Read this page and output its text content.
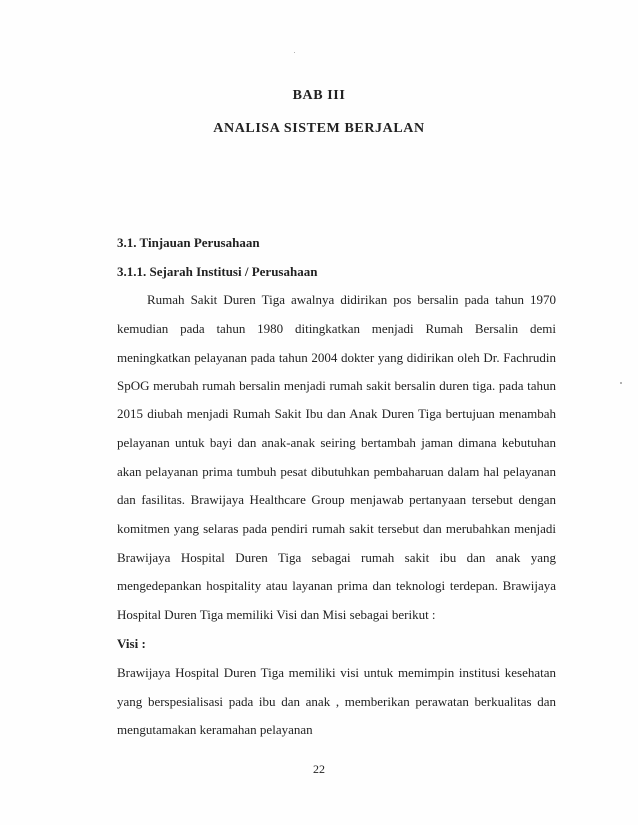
BAB III
ANALISA SISTEM BERJALAN
3.1. Tinjauan Perusahaan
3.1.1. Sejarah Institusi / Perusahaan
Rumah Sakit Duren Tiga awalnya didirikan pos bersalin pada tahun 1970
kemudian pada tahun 1980 ditingkatkan menjadi Rumah Bersalin demi
meningkatkan pelayanan pada tahun 2004 dokter yang didirikan oleh Dr. Fachrudin
SpOG merubah rumah bersalin menjadi rumah sakit bersalin duren tiga. pada tahun
2015 diubah menjadi Rumah Sakit Ibu dan Anak Duren Tiga bertujuan menambah
pelayanan untuk bayi dan anak-anak seiring bertambah jaman dimana kebutuhan
akan pelayanan prima tumbuh pesat dibutuhkan pembaharuan dalam hal pelayanan
dan fasilitas. Brawijaya Healthcare Group menjawab pertanyaan tersebut dengan
komitmen yang selaras pada pendiri rumah sakit tersebut dan merubahkan menjadi
Brawijaya Hospital Duren Tiga sebagai rumah sakit ibu dan anak yang
mengedepankan hospitality atau layanan prima dan teknologi terdepan. Brawijaya
Hospital Duren Tiga memiliki Visi dan Misi sebagai berikut :
Visi :
Brawijaya Hospital Duren Tiga memiliki visi untuk memimpin institusi kesehatan
yang berspesialisasi pada ibu dan anak , memberikan perawatan berkualitas dan
mengutamakan keramahan pelayanan
22
